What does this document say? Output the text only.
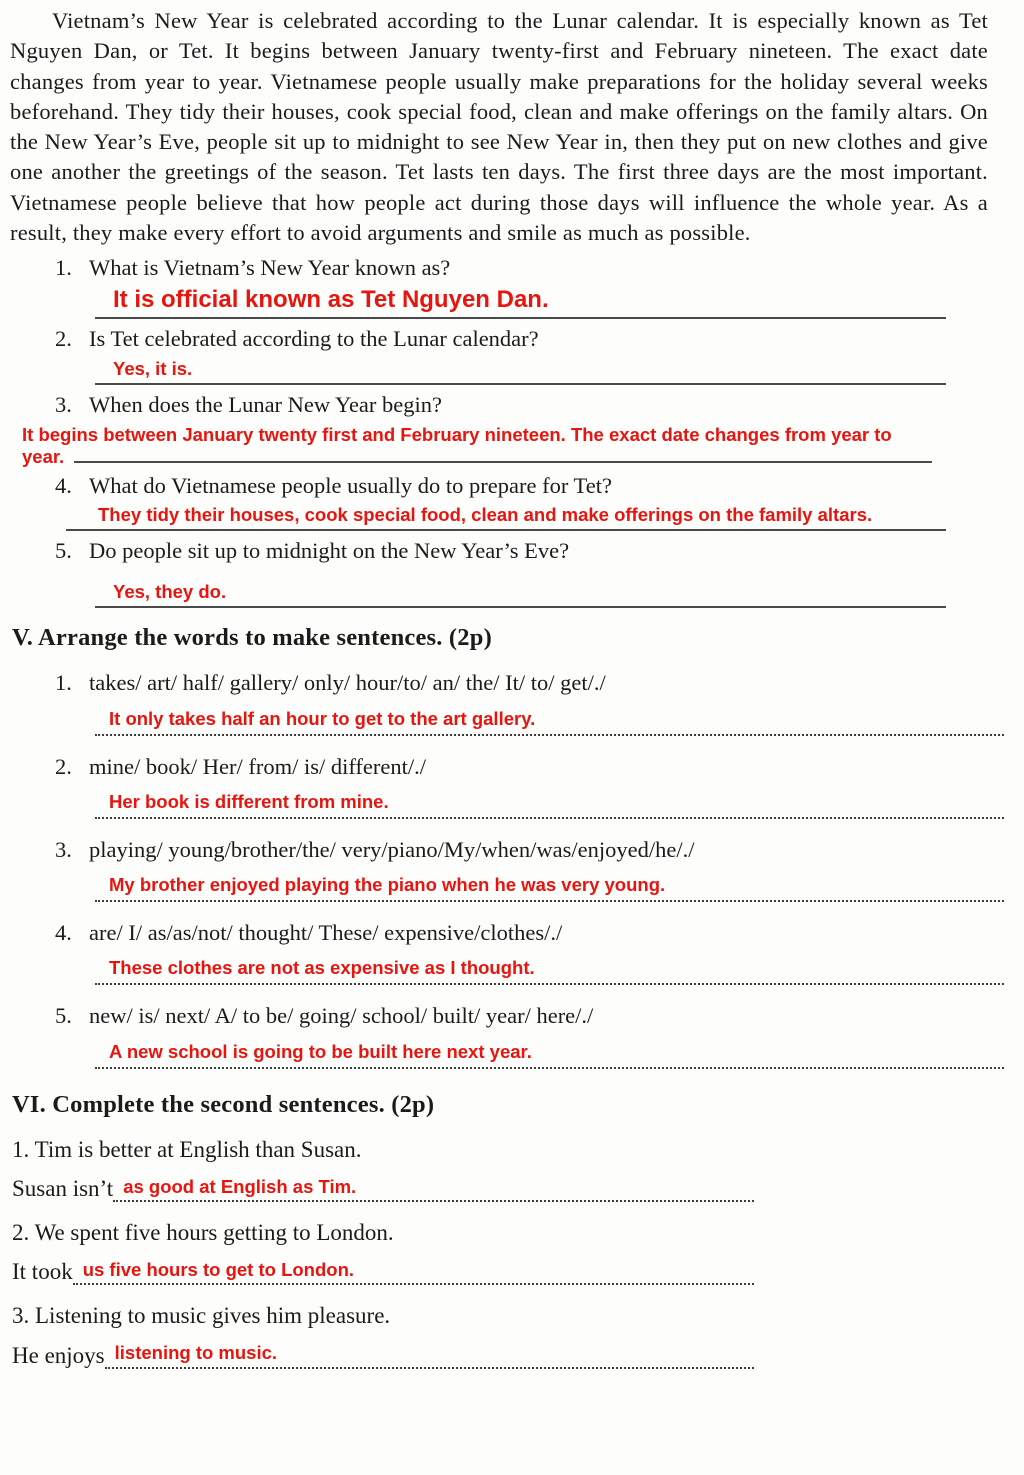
Vietnam’s New Year is celebrated according to the Lunar calendar. It is especially known as Tet Nguyen Dan, or Tet. It begins between January twenty-first and February nineteen. The exact date changes from year to year. Vietnamese people usually make preparations for the holiday several weeks beforehand. They tidy their houses, cook special food, clean and make offerings on the family altars. On the New Year’s Eve, people sit up to midnight to see New Year in, then they put on new clothes and give one another the greetings of the season. Tet lasts ten days. The first three days are the most important. Vietnamese people believe that how people act during those days will influence the whole year. As a result, they make every effort to avoid arguments and smile as much as possible.

1. What is Vietnam’s New Year known as?
It is official known as Tet Nguyen Dan.
2. Is Tet celebrated according to the Lunar calendar?
Yes, it is.
3. When does the Lunar New Year begin?
It begins between January twenty first and February nineteen. The exact date changes from year to
year.
4. What do Vietnamese people usually do to prepare for Tet?
They tidy their houses, cook special food, clean and make offerings on the family altars.
5. Do people sit up to midnight on the New Year’s Eve?
Yes, they do.
V. Arrange the words to make sentences. (2p)
1. takes/ art/ half/ gallery/ only/ hour/to/ an/ the/ It/ to/ get/./
It only takes half an hour to get to the art gallery.
2. mine/ book/ Her/ from/ is/ different/./
Her book is different from mine.
3. playing/ young/brother/the/ very/piano/My/when/was/enjoyed/he/./
My brother enjoyed playing the piano when he was very young.
4. are/ I/ as/as/not/ thought/ These/ expensive/clothes/./
These clothes are not as expensive as I thought.
5. new/ is/ next/ A/ to be/ going/ school/ built/ year/ here/./
A new school is going to be built here next year.
VI. Complete the second sentences. (2p)
1. Tim is better at English than Susan.
Susan isn’t as good at English as Tim.
2. We spent five hours getting to London.
It took us five hours to get to London.
3. Listening to music gives him pleasure.
He enjoys listening to music.
